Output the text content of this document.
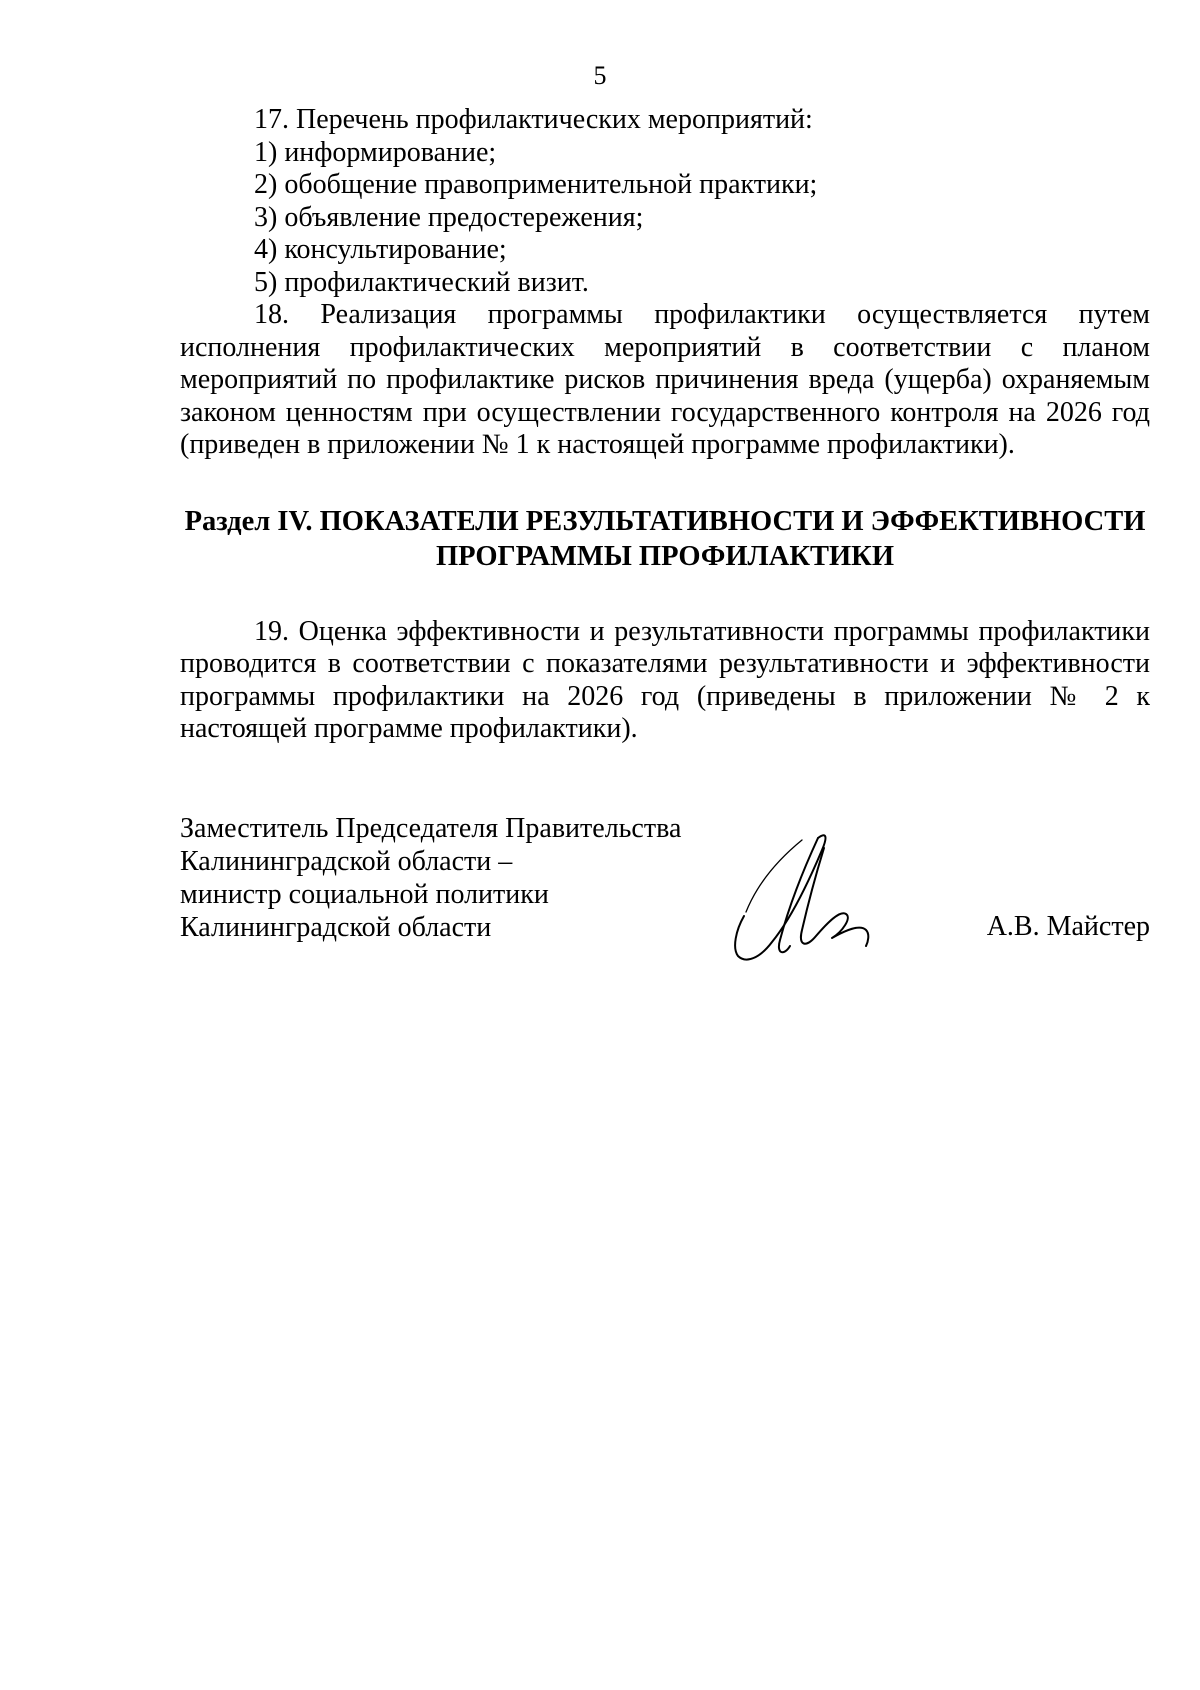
5

17. Перечень профилактических мероприятий:

1) информирование;

2) обобщение правоприменительной практики;

3) объявление предостережения;

4) консультирование;

5) профилактический визит.

18. Реализация программы профилактики осуществляется путем исполнения профилактических мероприятий в соответствии с планом мероприятий по профилактике рисков причинения вреда (ущерба) охраняемым законом ценностям при осуществлении государственного контроля на 2026 год (приведен в приложении № 1 к настоящей программе профилактики).

Раздел IV. ПОКАЗАТЕЛИ РЕЗУЛЬТАТИВНОСТИ И ЭФФЕКТИВНОСТИ
ПРОГРАММЫ ПРОФИЛАКТИКИ

19. Оценка эффективности и результативности программы профилактики проводится в соответствии с показателями результативности и эффективности программы профилактики на 2026 год (приведены в приложении № 2 к настоящей программе профилактики).

Заместитель Председателя Правительства

Калининградской области –

министр социальной политики

Калининградской области	А.В. Майстер
